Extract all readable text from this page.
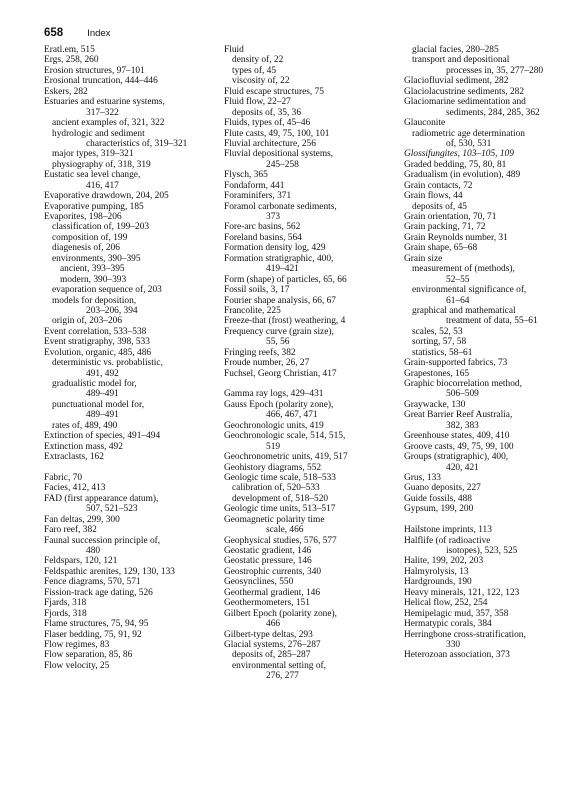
658	Index
Eratl.em, 515
Ergs, 258, 260
Erosion structures, 97–101
Erosional truncation, 444–446
Eskers, 282
Estuaries and estuarine systems,
317–322
ancient examples of, 321, 322
hydrologic and sediment
characteristics of, 319–321
major types, 319–321
physiography of, 318, 319
Eustatic sea level change,
416, 417
Evaporative drawdown, 204, 205
Evaporative pumping, 185
Evaporites, 198–206
classification of, 199–203
composition of, 199
diagenesis of, 206
environments, 390–395
ancient, 393–395
modern, 390–393
evaporation sequence of, 203
models for deposition,
203–206, 394
origin of, 203–206
Event correlation, 533–538
Event stratigraphy, 398, 533
Evolution, organic, 485, 486
deterministic vs. probablistic,
491, 492
gradualistic model for,
489–491
punctuational model for,
489–491
rates of, 489, 490
Extinction of species, 491–494
Extinction mass, 492
Extraclasts, 162
Fabric, 70
Facies, 412, 413
FAD (first appearance datum),
507, 521–523
Fan deltas, 299, 300
Faro reef, 382
Faunal succession principle of,
480
Feldspars, 120, 121
Feldspathic arenites, 129, 130, 133
Fence diagrams, 570, 571
Fission-track age dating, 526
Fjards, 318
Fjords, 318
Flame structures, 75, 94, 95
Flaser bedding, 75, 91, 92
Flow regimes, 83
Flow separation, 85, 86
Flow velocity, 25
Fluid
density of, 22
types of, 45
viscosity of, 22
Fluid escape structures, 75
Fluid flow, 22–27
deposits of, 35, 36
Fluids, types of, 45–46
Flute casts, 49, 75, 100, 101
Fluvial architecture, 256
Fluvial depositional systems,
245–258
Flysch, 365
Fondaform, 441
Foraminifers, 371
Foramol carbonate sediments,
373
Fore-arc basins, 562
Foreland basins, 564
Formation density log, 429
Formation stratigraphic, 400,
419–421
Form (shape) of particles, 65, 66
Fossil soils, 3, 17
Fourier shape analysis, 66, 67
Francolite, 225
Freeze-that (frost) weathering, 4
Frequency curve (grain size),
55, 56
Fringing reefs, 382
Froude number, 26, 27
Fuchsel, Georg Christian, 417
Gamma ray logs, 429–431
Gauss Epoch (polarity zone),
466, 467, 471
Geochronologic units, 419
Geochronologic scale, 514, 515,
519
Geochronometric units, 419, 517
Geohistory diagrams, 552
Geologic time scale, 518–533
calibration of, 520–533
development of, 518–520
Geologic time units, 513–517
Geomagnetic polarity time
scale, 466
Geophysical studies, 576, 577
Geostatic gradient, 146
Geostatic pressure, 146
Geostrophic currents, 340
Geosynclines, 550
Geothermal gradient, 146
Geothermometers, 151
Gilbert Epoch (polarity zone),
466
Gilbert-type deltas, 293
Glacial systems, 276–287
deposits of, 285–287
environmental setting of,
276, 277
glacial facies, 280–285
transport and depositional
processes in, 35, 277–280
Glaciofluvial sediment, 282
Glaciolacustrine sediments, 282
Glaciomarine sedimentation and
sediments, 284, 285, 362
Glauconite
radiometric age determination
of, 530, 531
Glossifungites, 103–105, 109
Graded bedding, 75, 80, 81
Gradualism (in evolution), 489
Grain contacts, 72
Grain flows, 44
deposits of, 45
Grain orientation, 70, 71
Grain packing, 71, 72
Grain Reynolds number, 31
Grain shape, 65–68
Grain size
measurement of (methods),
52–55
environmental significance of,
61–64
graphical and mathematical
treatment of data, 55–61
scales, 52, 53
sorting, 57, 58
statistics, 58–61
Grain-supported fabrics, 73
Grapestones, 165
Graphic biocorrelation method,
506–509
Graywacke, 130
Great Barrier Reef Australia,
382, 383
Greenhouse states, 409, 410
Groove casts, 49, 75, 99, 100
Groups (stratigraphic), 400,
420, 421
Grus, 133
Guano deposits, 227
Guide fossils, 488
Gypsum, 199, 200
Hailstone imprints, 113
Halflife (of radioactive
isotopes), 523, 525
Halite, 199, 202, 203
Halmyrolysis, 13
Hardgrounds, 190
Heavy minerals, 121, 122, 123
Helical flow, 252, 254
Hemipelagic mud, 357, 358
Hermatypic corals, 384
Herringbone cross-stratification,
330
Heterozoan association, 373
